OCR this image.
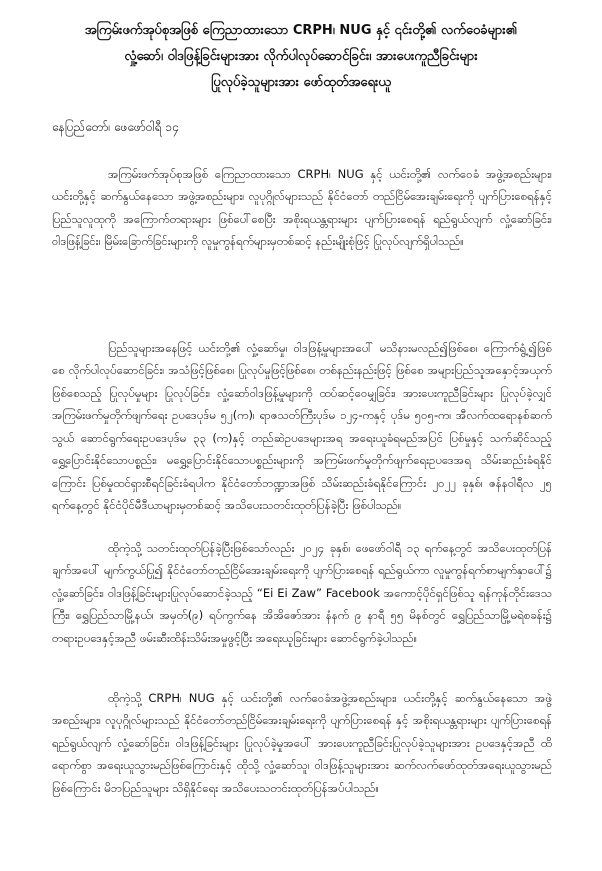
အကြမ်းဖက်အုပ်စုအဖြစ် ကြေညာထားသော CRPH၊ NUG နှင့် ၎င်းတို့၏ လက်ဝေခံများ၏
လှုံ့ဆော်၊ ဝါဒဖြန့်ခြင်းများအား လိုက်ပါလုပ်ဆောင်ခြင်း၊ အားပေးကူညီခြင်းများ
ပြုလုပ်ခဲ့သူများအား ဖော်ထုတ်အရေးယူ
နေပြည်တော်၊ ဖေဖော်ဝါရီ ၁၄

အကြမ်းဖက်အုပ်စုအဖြစ် ကြေညာထားသော CRPH၊ NUG နှင့် ယင်းတို့၏ လက်ဝေခံ အဖွဲ့အစည်းများ၊ ယင်းတို့နှင့် ဆက်နွယ်နေသော အဖွဲ့အစည်းများ၊ လူပုဂ္ဂိုလ်များသည် နိုင်ငံတော် တည်ငြိမ်အေးချမ်းရေးကို ပျက်ပြားစေရန်နှင့် ပြည်သူလူထုကို အကြောက်တရားများ ဖြစ်ပေါ်စေပြီး အစိုးရယန္တရားများ ပျက်ပြားစေရန် ရည်ရွယ်လျက် လှုံ့ဆော်ခြင်း၊ ဝါဒဖြန့်ခြင်း၊ မြိမ်းခြောက်ခြင်းများကို လူမှုကွန်ရက်များမှတစ်ဆင့် နည်းမျိုးစုံဖြင့် ပြုလုပ်လျက်ရှိပါသည်။

ပြည်သူများအနေဖြင့် ယင်းတို့၏ လှုံ့ဆော်မှု၊ ဝါဒဖြန့်မှုများအပေါ် မသိနားမလည်၍ဖြစ်စေ၊ ကြောက်ရွံ့၍ဖြစ်စေ လိုက်ပါလုပ်ဆောင်ခြင်း၊ အသံဖြင့်ဖြစ်စေ၊ ပြုလုပ်မှုဖြင့်ဖြစ်စေ၊ တစ်နည်းနည်းဖြင့် ဖြစ်စေ အများပြည်သူအနှောင့်အယှက်ဖြစ်စေသည့် ပြုလုပ်မှုများ ပြုလုပ်ခြင်း၊ လှုံ့ဆော်ဝါဒဖြန့်မှုများကို ထပ်ဆင့်ဝေမျှခြင်း၊ အားပေးကူညီခြင်းများ ပြုလုပ်ခဲ့လျှင် အကြမ်းဖက်မှုတိုက်ဖျက်ရေး ဥပဒေပုဒ်မ ၅၂(က)၊ ရာဇသတ်ကြီးပုဒ်မ ၁၂၄-ကနှင့် ပုဒ်မ ၅၀၅-က၊ အီလက်ထရောနစ်ဆက်သွယ် ဆောင်ရွက်ရေးဥပဒေပုဒ်မ ၃၃ (က)နှင့် တည်ဆဲဥပဒေများအရ အရေးယူခံရမည်အပြင် ပြစ်မှုနှင့် သက်ဆိုင်သည့် ရွှေ့ပြောင်းနိုင်သောပစ္စည်း၊ မရွှေ့ပြောင်းနိုင်သောပစ္စည်းများကို အကြမ်းဖက်မှုတိုက်ဖျက်ရေးဥပဒေအရ သိမ်းဆည်းခံရနိုင်ကြောင်း ပြစ်မှုထင်ရှားစီရင်ခြင်းခံရပါက နိုင်ငံတော်ဘဏ္ဍာအဖြစ် သိမ်းဆည်းခံရနိုင်ကြောင်း ၂၀၂၂ ခုနှစ်၊ ဇန်နဝါရီလ ၂၅ ရက်နေ့တွင် နိုင်ငံပိုင်မီဒီယာများမှတစ်ဆင့် အသိပေးသတင်းထုတ်ပြန်ခဲ့ပြီး ဖြစ်ပါသည်။

ထိုကဲ့သို့ သတင်းထုတ်ပြန်ခဲ့ပြီးဖြစ်သော်လည်း ၂၀၂၄ ခုနှစ်၊ ဖေဖော်ဝါရီ ၁၃ ရက်နေ့တွင် အသိပေးထုတ်ပြန်ချက်အပေါ် မျက်ကွယ်ပြု၍ နိုင်ငံတော်တည်ငြိမ်အေးချမ်းရေးကို ပျက်ပြားစေရန် ရည်ရွယ်ကာ လူမှုကွန်ရက်စာမျက်နှာပေါ်၌ လှုံ့ဆော်ခြင်း၊ ဝါဒဖြန့်ခြင်းများပြုလုပ်ဆောင်ခဲ့သည့် “Ei Ei Zaw” Facebook အကောင့်ပိုင်ရှင်ဖြစ်သူ ရန်ကုန်တိုင်းဒေသကြီး၊ ရွှေပြည်သာမြို့နယ်၊ အမှတ်(၉) ရပ်ကွက်နေ အိအိဇော်အား နံနက် ၉ နာရီ ၅၅ မိနစ်တွင် ရွှေပြည်သာမြို့မရဲစခန်း၌ တရားဥပဒေနှင့်အညီ ဖမ်းဆီးထိန်းသိမ်းအမှုဖွင့်ပြီး အရေးယူခြင်းများ ဆောင်ရွက်ခဲ့ပါသည်။

ထိုကဲ့သို့ CRPH၊ NUG နှင့် ယင်းတို့၏ လက်ဝေခံအဖွဲ့အစည်းများ၊ ယင်းတို့နှင့် ဆက်နွယ်နေသော အဖွဲ့အစည်းများ၊ လူပုဂ္ဂိုလ်များသည် နိုင်ငံတော်တည်ငြိမ်အေးချမ်းရေးကို ပျက်ပြားစေရန် နှင့် အစိုးရယန္တရားများ ပျက်ပြားစေရန် ရည်ရွယ်လျက် လှုံ့ဆော်ခြင်း၊ ဝါဒဖြန့်ခြင်းများ ပြုလုပ်ခဲ့မှုအပေါ် အားပေးကူညီခြင်းပြုလုပ်ခဲ့သူများအား ဥပဒေနှင့်အညီ ထိရောက်စွာ အရေးယူသွားမည်ဖြစ်ကြောင်းနှင့် ထိုသို့ လှုံ့ဆော်သူ၊ ဝါဒဖြန့်သူများအား ဆက်လက်ဖော်ထုတ်အရေးယူသွားမည်ဖြစ်ကြောင်း မိဘပြည်သူများ သိရှိနိုင်ရေး အသိပေးသတင်းထုတ်ပြန်အပ်ပါသည်။
